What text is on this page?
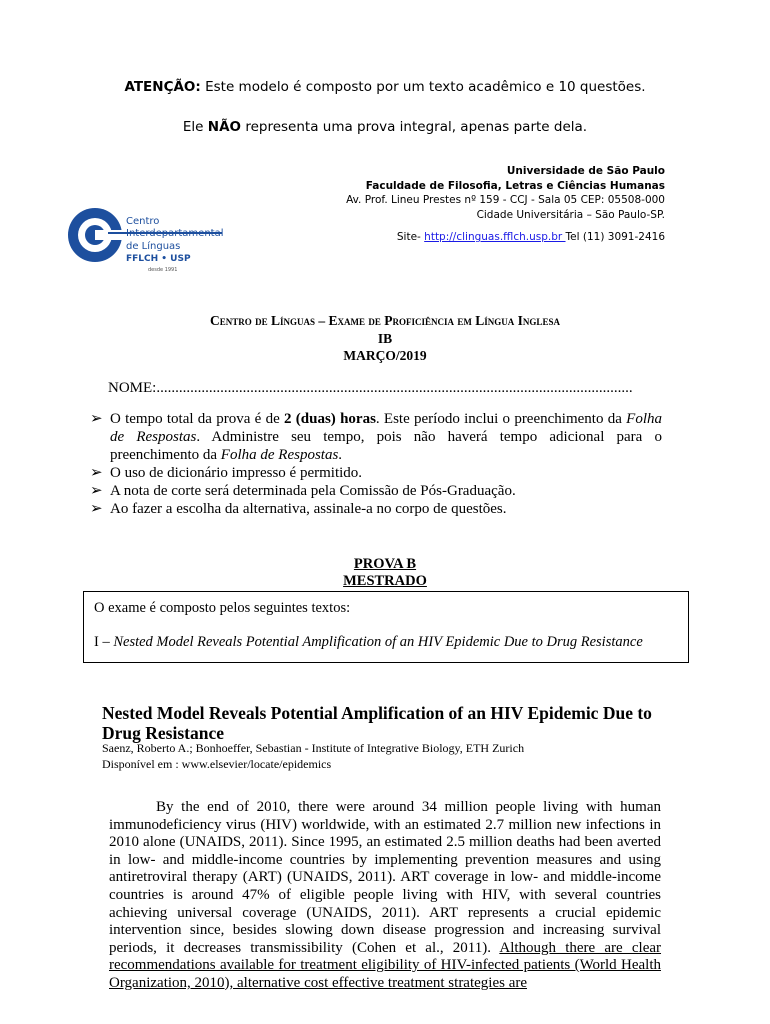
ATENÇÃO: Este modelo é composto por um texto acadêmico e 10 questões.
Ele NÃO representa uma prova integral, apenas parte dela.
Centro
Interdepartamental
de Línguas
FFLCH • USP
desde 1991
Universidade de São Paulo
Faculdade de Filosofia, Letras e Ciências Humanas
Av. Prof. Lineu Prestes nº 159 - CCJ - Sala 05 CEP: 05508-000
Cidade Universitária – São Paulo-SP.
Site- http://clinguas.fflch.usp.br Tel (11) 3091-2416
Centro de Línguas – Exame de Proficiência em Língua Inglesa
IB
MARÇO/2019
NOME:...............................................................................................................................
➢ O tempo total da prova é de 2 (duas) horas. Este período inclui o preenchimento da Folha de Respostas. Administre seu tempo, pois não haverá tempo adicional para o preenchimento da Folha de Respostas.
➢ O uso de dicionário impresso é permitido.
➢ A nota de corte será determinada pela Comissão de Pós-Graduação.
➢ Ao fazer a escolha da alternativa, assinale-a no corpo de questões.
PROVA B
MESTRADO
O exame é composto pelos seguintes textos:
I – Nested Model Reveals Potential Amplification of an HIV Epidemic Due to Drug Resistance
Nested Model Reveals Potential Amplification of an HIV Epidemic Due to Drug Resistance
Saenz, Roberto A.; Bonhoeffer, Sebastian - Institute of Integrative Biology, ETH Zurich
Disponível em : www.elsevier/locate/epidemics
By the end of 2010, there were around 34 million people living with human immunodeficiency virus (HIV) worldwide, with an estimated 2.7 million new infections in 2010 alone (UNAIDS, 2011). Since 1995, an estimated 2.5 million deaths had been averted in low- and middle-income countries by implementing prevention measures and using antiretroviral therapy (ART) (UNAIDS, 2011). ART coverage in low- and middle-income countries is around 47% of eligible people living with HIV, with several countries achieving universal coverage (UNAIDS, 2011). ART represents a crucial epidemic intervention since, besides slowing down disease progression and increasing survival periods, it decreases transmissibility (Cohen et al., 2011). Although there are clear recommendations available for treatment eligibility of HIV-infected patients (World Health Organization, 2010), alternative cost effective treatment strategies are
